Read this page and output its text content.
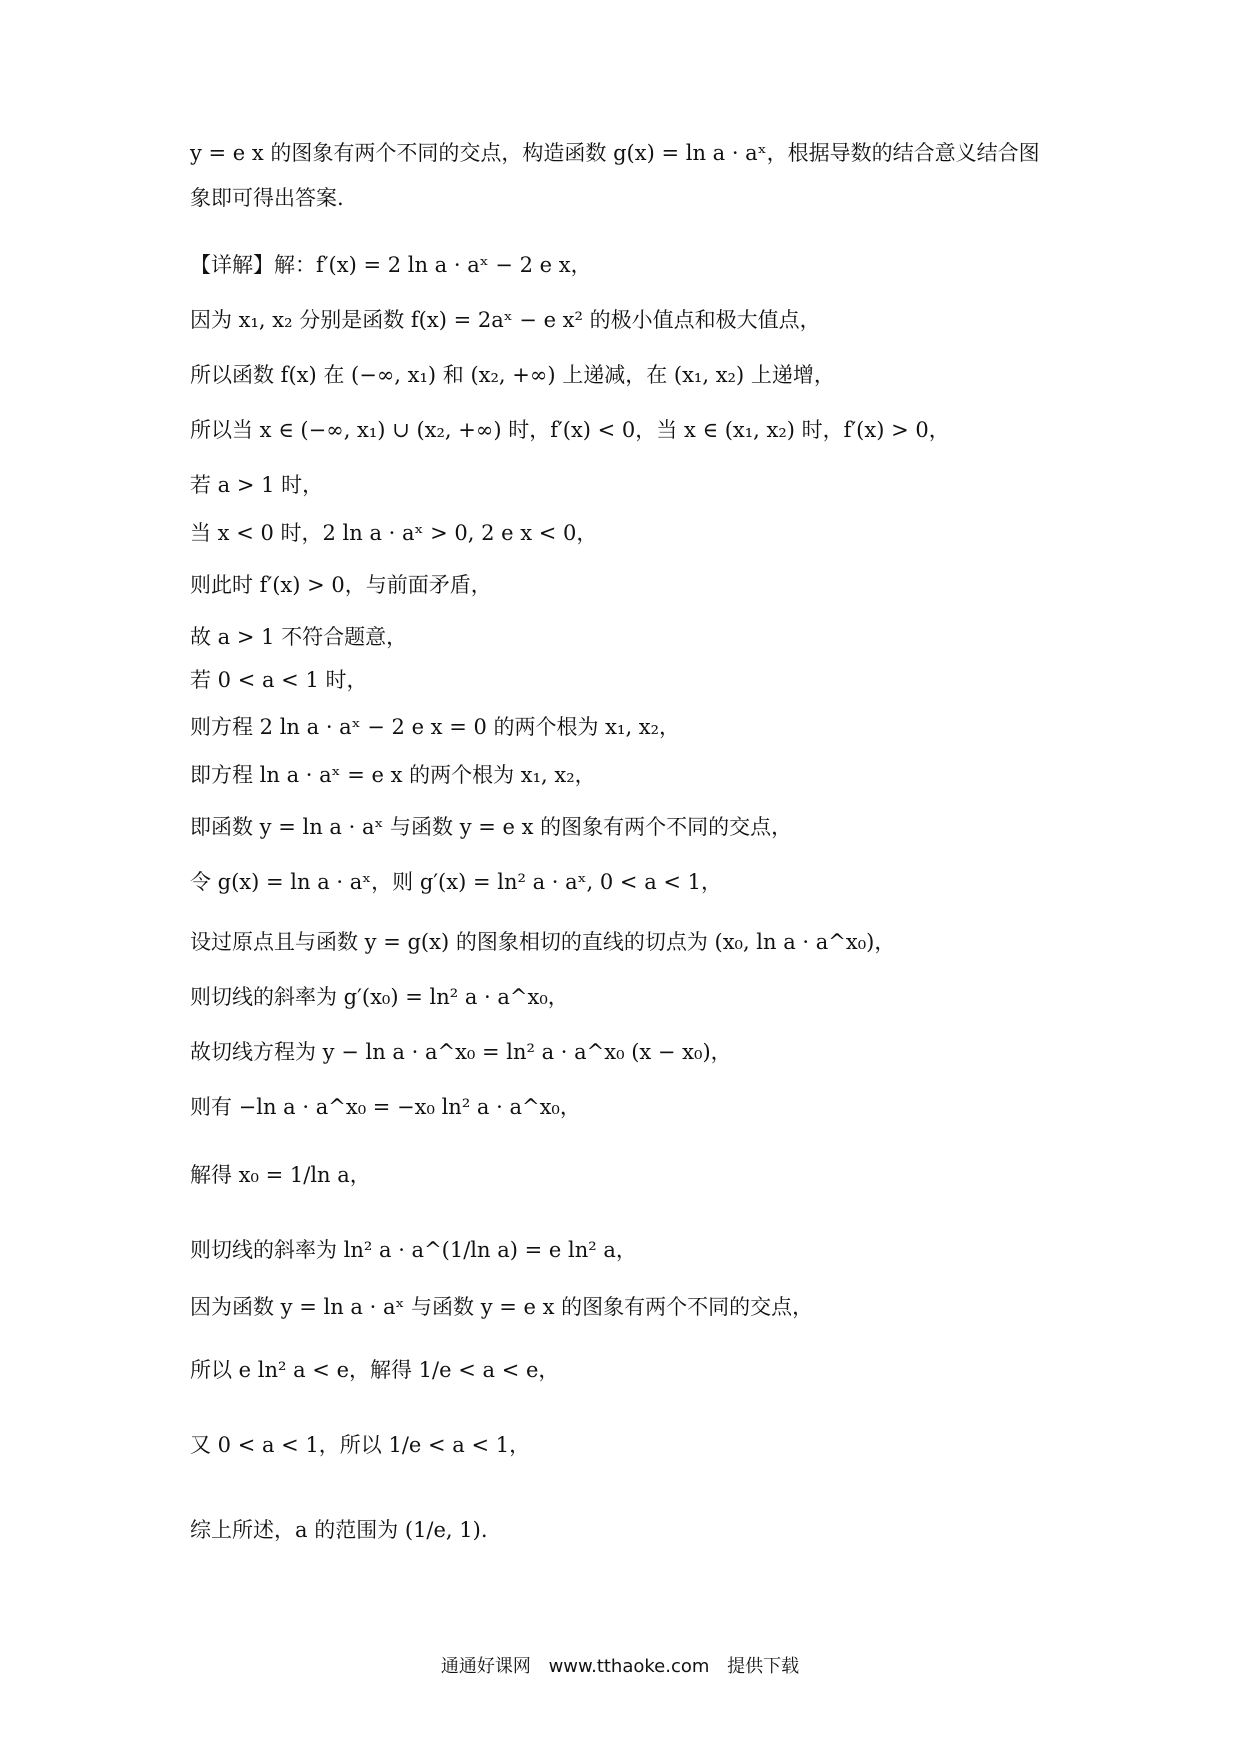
y = e x 的图象有两个不同的交点，构造函数 g(x) = ln a · aˣ，根据导数的结合意义结合图
象即可得出答案.
【详解】解：f′(x) = 2 ln a · aˣ − 2 e x，
因为 x₁, x₂ 分别是函数 f(x) = 2aˣ − e x² 的极小值点和极大值点，
所以函数 f(x) 在 (−∞, x₁) 和 (x₂, +∞) 上递减，在 (x₁, x₂) 上递增，
所以当 x ∈ (−∞, x₁) ∪ (x₂, +∞) 时，f′(x) < 0，当 x ∈ (x₁, x₂) 时，f′(x) > 0，
若 a > 1 时，
当 x < 0 时，2 ln a · aˣ > 0, 2 e x < 0，
则此时 f′(x) > 0，与前面矛盾，
故 a > 1 不符合题意，
若 0 < a < 1 时，
则方程 2 ln a · aˣ − 2 e x = 0 的两个根为 x₁, x₂，
即方程 ln a · aˣ = e x 的两个根为 x₁, x₂，
即函数 y = ln a · aˣ 与函数 y = e x 的图象有两个不同的交点，
令 g(x) = ln a · aˣ，则 g′(x) = ln² a · aˣ, 0 < a < 1，
设过原点且与函数 y = g(x) 的图象相切的直线的切点为 (x₀, ln a · a^x₀)，
则切线的斜率为 g′(x₀) = ln² a · a^x₀，
故切线方程为 y − ln a · a^x₀ = ln² a · a^x₀ (x − x₀)，
则有 −ln a · a^x₀ = −x₀ ln² a · a^x₀，
解得 x₀ = 1/ln a，
则切线的斜率为 ln² a · a^(1/ln a) = e ln² a，
因为函数 y = ln a · aˣ 与函数 y = e x 的图象有两个不同的交点，
所以 e ln² a < e，解得 1/e < a < e，
又 0 < a < 1，所以 1/e < a < 1，
综上所述，a 的范围为 (1/e, 1).
通通好课网 www.tthaoke.com 提供下载
